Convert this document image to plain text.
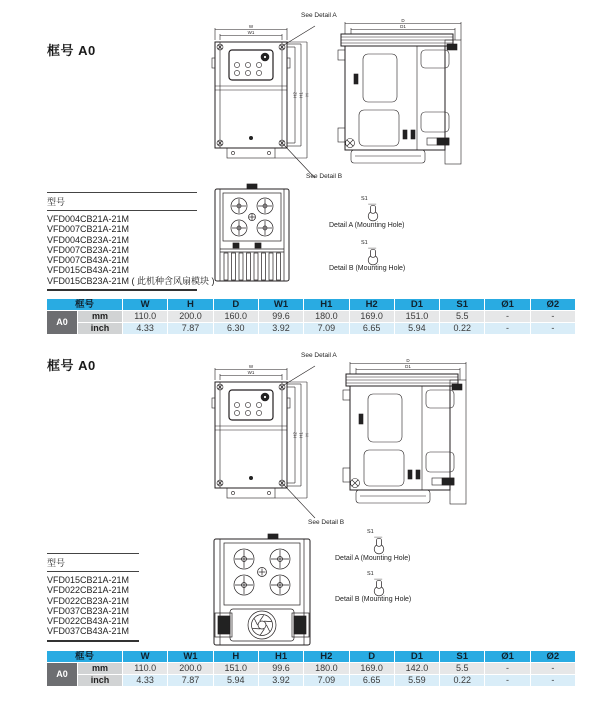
框号 A0
See Detail A
See Detail B
型号
VFD004CB21A-21M
VFD007CB21A-21M
VFD004CB23A-21M
VFD007CB23A-21M
VFD007CB43A-21M
VFD015CB43A-21M
VFD015CB23A-21M ( 此机种含风扇模块 )
S1
Detail A (Mounting Hole)
S1
Detail B (Mounting Hole)
框号		W	H	D	W1	H1	H2	D1	S1	Ø1	Ø2
A0	mm	110.0	200.0	160.0	99.6	180.0	169.0	151.0	5.5	-	-
	inch	4.33	7.87	6.30	3.92	7.09	6.65	5.94	0.22	-	-
框号 A0
See Detail A
See Detail B
型号
VFD015CB21A-21M
VFD022CB21A-21M
VFD022CB23A-21M
VFD037CB23A-21M
VFD022CB43A-21M
VFD037CB43A-21M
S1
Detail A (Mounting Hole)
S1
Detail B (Mounting Hole)
框号		W	W1	H	H1	H2	D	D1	S1	Ø1	Ø2
A0	mm	110.0	200.0	151.0	99.6	180.0	169.0	142.0	5.5	-	-
	inch	4.33	7.87	5.94	3.92	7.09	6.65	5.59	0.22	-	-
